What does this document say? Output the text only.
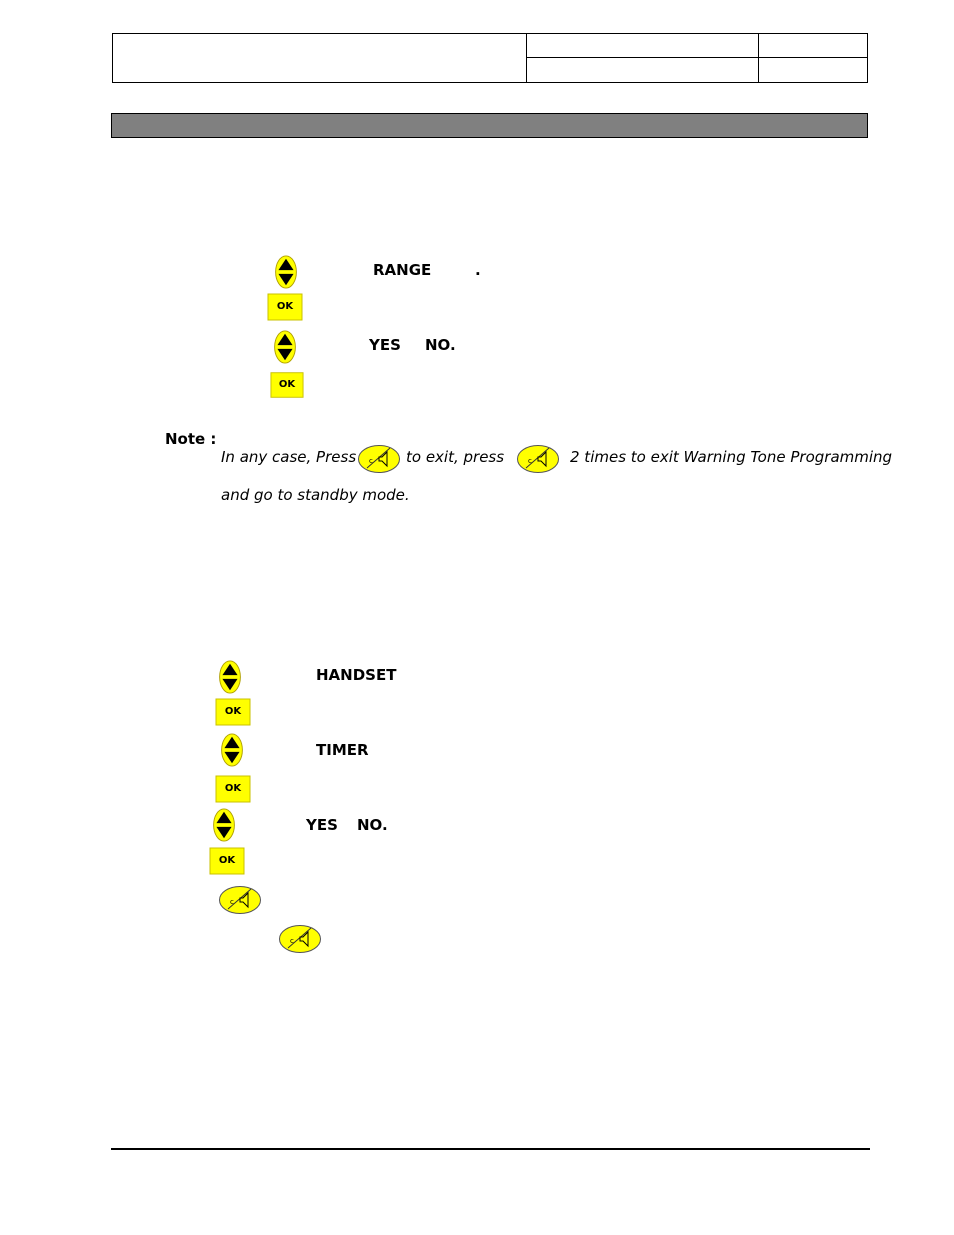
RANGE	.
OK
YES NO.
OK
Note :
In any case, Press	to exit, press	2 times to exit Warning Tone Programming
and go to standby mode.
HANDSET
OK
TIMER
OK
YES NO.
OK
